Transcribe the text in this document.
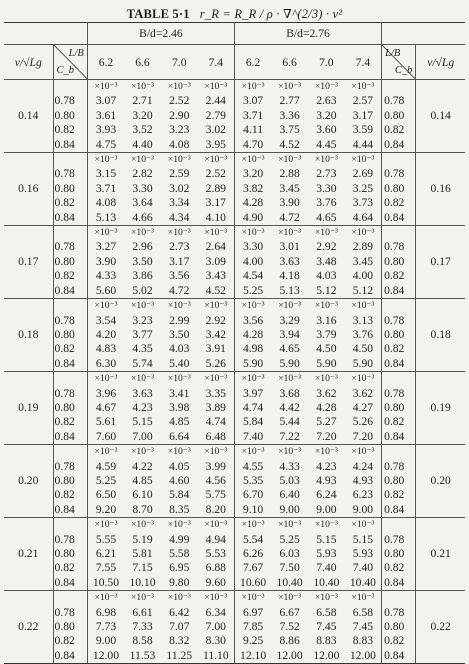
TABLE 5·1 r_R = R_R / ρ · ∇^(2/3) · v²
		B/d=2.46				B/d=2.76					
v/√Lg	L/B
C_b	6.2	6.6	7.0	7.4	6.2	6.6	7.0	7.4	L/B
C_b	v/√Lg
0.14		×10⁻³	×10⁻³	×10⁻³	×10⁻³	×10⁻³	×10⁻³	×10⁻³	×10⁻³		0.14
	0.78	3.07	2.71	2.52	2.44	3.07	2.77	2.63	2.57	0.78	
	0.80	3.61	3.20	2.90	2.79	3.71	3.36	3.20	3.17	0.80	
	0.82	3.93	3.52	3.23	3.02	4.11	3.75	3.60	3.59	0.82	
	0.84	4.75	4.40	4.08	3.95	4.70	4.52	4.45	4.44	0.84	
0.16		×10⁻³	×10⁻³	×10⁻³	×10⁻³	×10⁻³	×10⁻³	×10⁻³	×10⁻³		0.16
	0.78	3.15	2.82	2.59	2.52	3.20	2.88	2.73	2.69	0.78	
	0.80	3.71	3.30	3.02	2.89	3.82	3.45	3.30	3.25	0.80	
	0.82	4.08	3.64	3.34	3.17	4.28	3.90	3.76	3.73	0.82	
	0.84	5.13	4.66	4.34	4.10	4.90	4.72	4.65	4.64	0.84	
0.17		×10⁻³	×10⁻³	×10⁻³	×10⁻³	×10⁻³	×10⁻³	×10⁻³	×10⁻³		0.17
	0.78	3.27	2.96	2.73	2.64	3.30	3.01	2.92	2.89	0.78	
	0.80	3.90	3.50	3.17	3.09	4.00	3.63	3.48	3.45	0.80	
	0.82	4.33	3.86	3.56	3.43	4.54	4.18	4.03	4.00	0.82	
	0.84	5.60	5.02	4.72	4.52	5.25	5.13	5.12	5.12	0.84	
0.18		×10⁻³	×10⁻³	×10⁻³	×10⁻³	×10⁻³	×10⁻³	×10⁻³	×10⁻³		0.18
	0.78	3.54	3.23	2.99	2.92	3.56	3.29	3.16	3.13	0.78	
	0.80	4.20	3.77	3.50	3.42	4.28	3.94	3.79	3.76	0.80	
	0.82	4.83	4.35	4.03	3.91	4.98	4.65	4.50	4.50	0.82	
	0.84	6.30	5.74	5.40	5.26	5.90	5.90	5.90	5.90	0.84	
0.19		×10⁻³	×10⁻³	×10⁻³	×10⁻³	×10⁻³	×10⁻³	×10⁻³	×10⁻³		0.19
	0.78	3.96	3.63	3.41	3.35	3.97	3.68	3.62	3.62	0.78	
	0.80	4.67	4.23	3.98	3.89	4.74	4.42	4.28	4.27	0.80	
	0.82	5.61	5.15	4.85	4.74	5.84	5.44	5.27	5.26	0.82	
	0.84	7.60	7.00	6.64	6.48	7.40	7.22	7.20	7.20	0.84	
0.20		×10⁻³	×10⁻³	×10⁻³	×10⁻³	×10⁻³	×10⁻³	×10⁻³	×10⁻³		0.20
	0.78	4.59	4.22	4.05	3.99	4.55	4.33	4.23	4.24	0.78	
	0.80	5.25	4.85	4.60	4.56	5.35	5.03	4.93	4.93	0.80	
	0.82	6.50	6.10	5.84	5.75	6.70	6.40	6.24	6.23	0.82	
	0.84	9.20	8.70	8.35	8.20	9.10	9.00	9.00	9.00	0.84	
0.21		×10⁻³	×10⁻³	×10⁻³	×10⁻³	×10⁻³	×10⁻³	×10⁻³	×10⁻³		0.21
	0.78	5.55	5.19	4.99	4.94	5.54	5.25	5.15	5.15	0.78	
	0.80	6.21	5.81	5.58	5.53	6.26	6.03	5.93	5.93	0.80	
	0.82	7.55	7.15	6.95	6.88	7.67	7.50	7.40	7.40	0.82	
	0.84	10.50	10.10	9.80	9.60	10.60	10.40	10.40	10.40	0.84	
0.22		×10⁻³	×10⁻³	×10⁻³	×10⁻³	×10⁻³	×10⁻³	×10⁻³	×10⁻³		0.22
	0.78	6.98	6.61	6.42	6.34	6.97	6.67	6.58	6.58	0.78	
	0.80	7.73	7.33	7.07	7.00	7.85	7.52	7.45	7.45	0.80	
	0.82	9.00	8.58	8.32	8.30	9.25	8.86	8.83	8.83	0.82	
	0.84	12.00	11.53	11.25	11.10	12.10	12.00	12.00	12.00	0.84	
